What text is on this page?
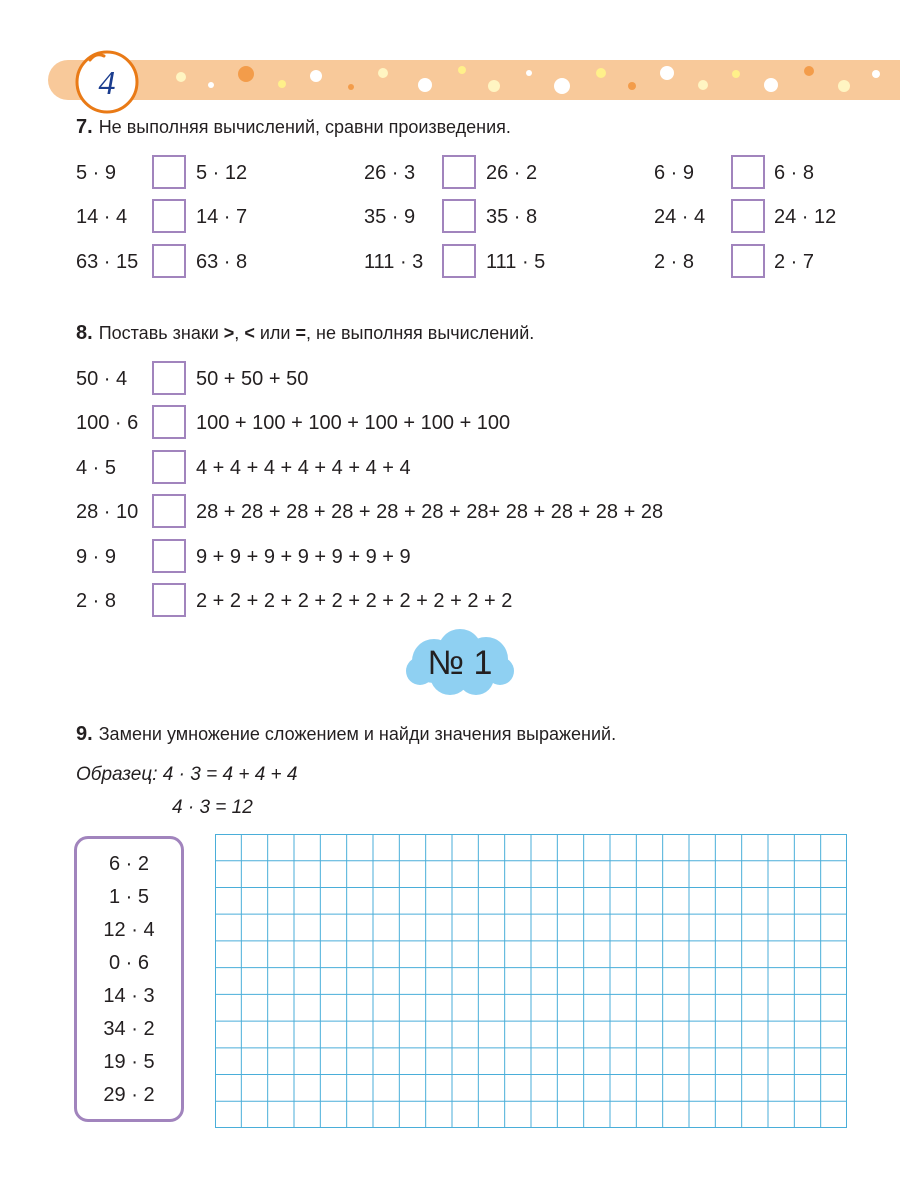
4
7. Не выполняя вычислений, сравни произведения.
5 · 9	5 · 12	26 · 3	26 · 2	6 · 9	6 · 8
14 · 4	14 · 7	35 · 9	35 · 8	24 · 4	24 · 12
63 · 15	63 · 8	111 · 3	111 · 5	2 · 8	2 · 7
8. Поставь знаки >, < или =, не выполняя вычислений.
50 · 4	50 + 50 + 50
100 · 6	100 + 100 + 100 + 100 + 100 + 100
4 · 5	4 + 4 + 4 + 4 + 4 + 4 + 4
28 · 10	28 + 28 + 28 + 28 + 28 + 28 + 28+ 28 + 28 + 28 + 28
9 · 9	9 + 9 + 9 + 9 + 9 + 9 + 9
2 · 8	2 + 2 + 2 + 2 + 2 + 2 + 2 + 2 + 2 + 2
№ 1
9. Замени умножение сложением и найди значения выражений.
Образец: 4 · 3 = 4 + 4 + 4
4 · 3 = 12
6 · 2
1 · 5
12 · 4
0 · 6
14 · 3
34 · 2
19 · 5
29 · 2
